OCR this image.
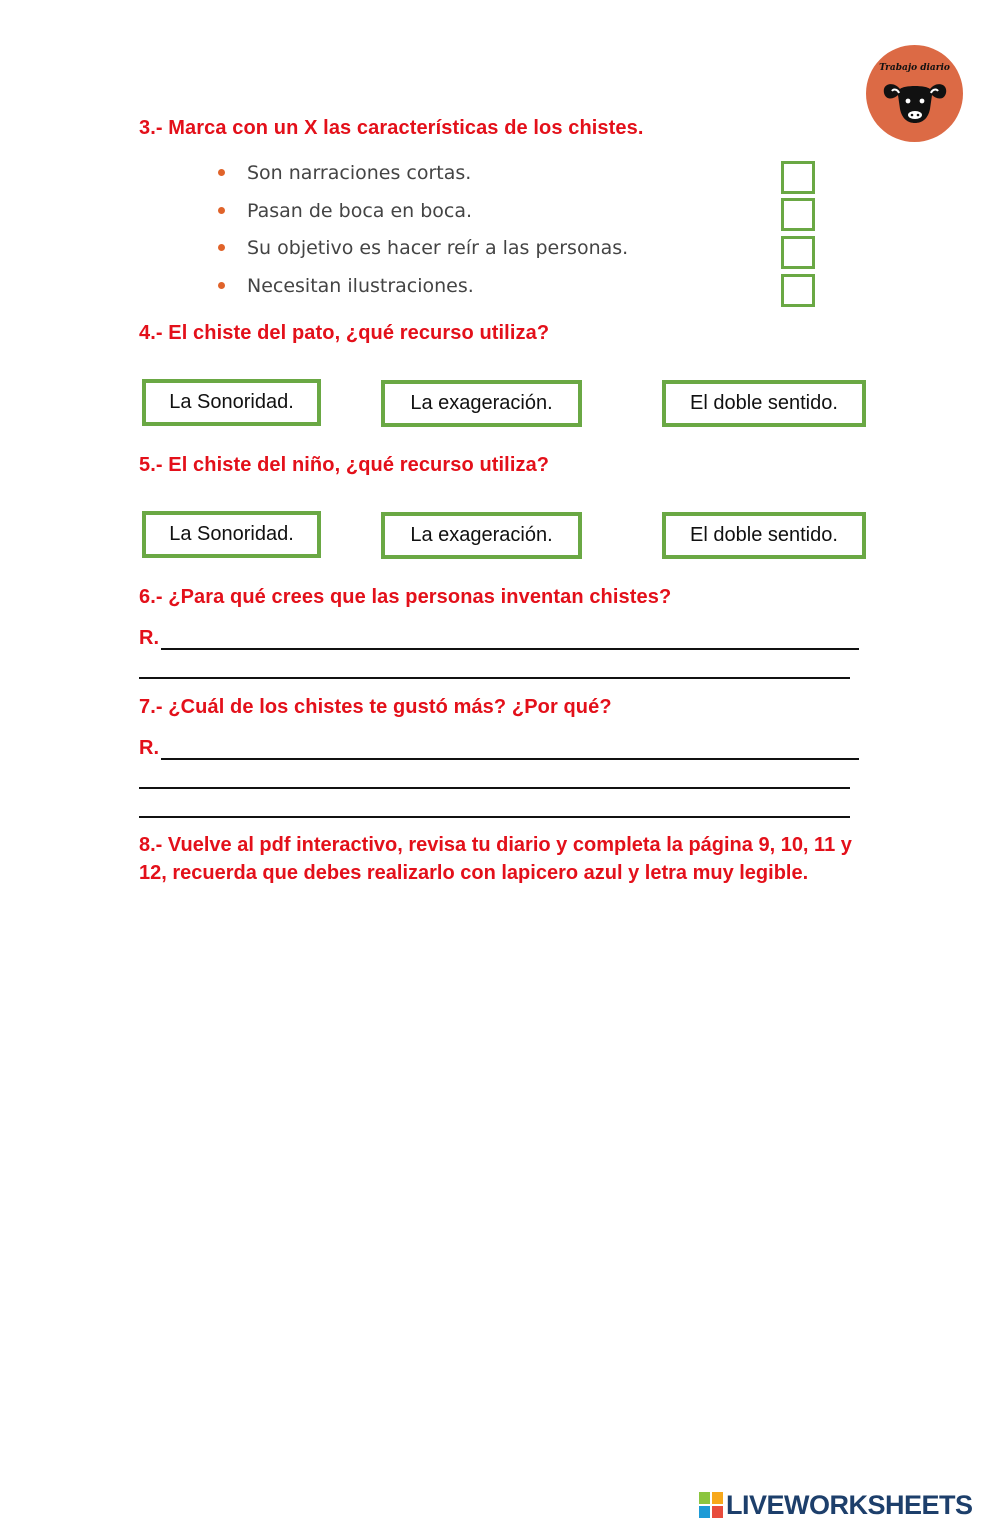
Trabajo diario
3.- Marca con un X las características de los chistes.
Son narraciones cortas.
Pasan de boca en boca.
Su objetivo es hacer reír a las personas.
Necesitan ilustraciones.
4.- El chiste del pato, ¿qué recurso utiliza?
La Sonoridad.	La exageración.	El doble sentido.
5.- El chiste del niño, ¿qué recurso utiliza?
La Sonoridad.	La exageración.	El doble sentido.
6.- ¿Para qué crees que las personas inventan chistes?
R.
7.- ¿Cuál de los chistes te gustó más? ¿Por qué?
R.
8.- Vuelve al pdf interactivo, revisa tu diario y completa la página 9, 10, 11 y 12, recuerda que debes realizarlo con lapicero azul y letra muy legible.
LIVEWORKSHEETS
